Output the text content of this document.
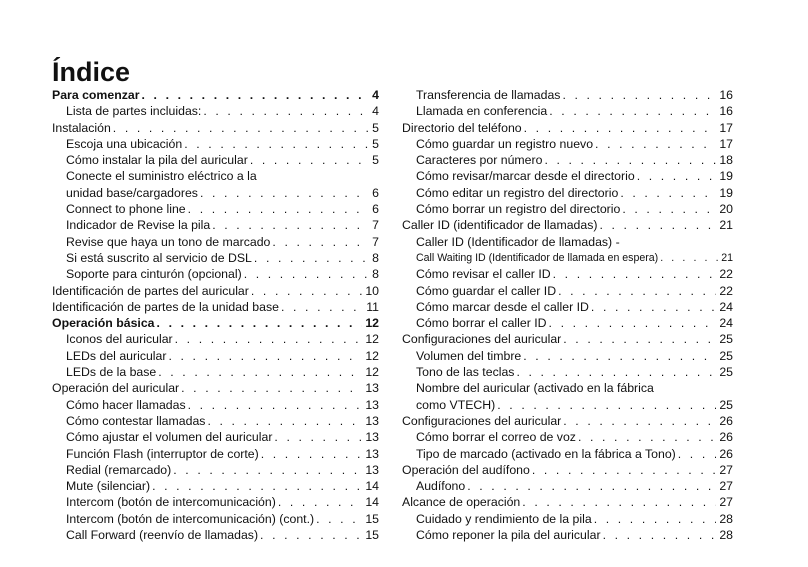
Índice
Para comenzar . . .	4
Lista de partes incluidas: . . .	4
Instalación . . .	5
Escoja una ubicación . . .	5
Cómo instalar la pila del auricular . . .	5
Conecte el suministro eléctrico a la
unidad base/cargadores . . .	6
Connect to phone line . . .	6
Indicador de Revise la pila . . .	7
Revise que haya un tono de marcado . . .	7
Si está suscrito al servicio de DSL . . .	8
Soporte para cinturón (opcional) . . .	8
Identificación de partes del auricular . . .	10
Identificación de partes de la unidad base . . .	11
Operación básica . . .	12
Iconos del auricular . . .	12
LEDs del auricular . . .	12
LEDs de la base . . .	12
Operación del auricular . . .	13
Cómo hacer llamadas . . .	13
Cómo contestar llamadas . . .	13
Cómo ajustar el volumen del auricular . . .	13
Función Flash (interruptor de corte) . . .	13
Redial (remarcado) . . .	13
Mute (silenciar) . . .	14
Intercom (botón de intercomunicación) . . .	14
Intercom (botón de intercomunicación) (cont.) . . .	15
Call Forward (reenvío de llamadas) . . .	15
Transferencia de llamadas . . .	16
Llamada en conferencia . . .	16
Directorio del teléfono . . .	17
Cómo guardar un registro nuevo . . .	17
Caracteres por número . . .	18
Cómo revisar/marcar desde el directorio . . .	19
Cómo editar un registro del directorio . . .	19
Cómo borrar un registro del directorio . . .	20
Caller ID (identificador de llamadas) . . .	21
Caller ID (Identificador de llamadas) -
Call Waiting ID (Identificador de llamada en espera) . . .	21
Cómo revisar el caller ID . . .	22
Cómo guardar el caller ID . . .	22
Cómo marcar desde el caller ID . . .	24
Cómo borrar el caller ID . . .	24
Configuraciones del auricular . . .	25
Volumen del timbre . . .	25
Tono de las teclas . . .	25
Nombre del auricular (activado en la fábrica
como VTECH) . . .	25
Configuraciones del auricular . . .	26
Cómo borrar el correo de voz . . .	26
Tipo de marcado (activado en la fábrica a Tono) . . .	26
Operación del audífono . . .	27
Audífono . . .	27
Alcance de operación . . .	27
Cuidado y rendimiento de la pila . . .	28
Cómo reponer la pila del auricular . . .	28
